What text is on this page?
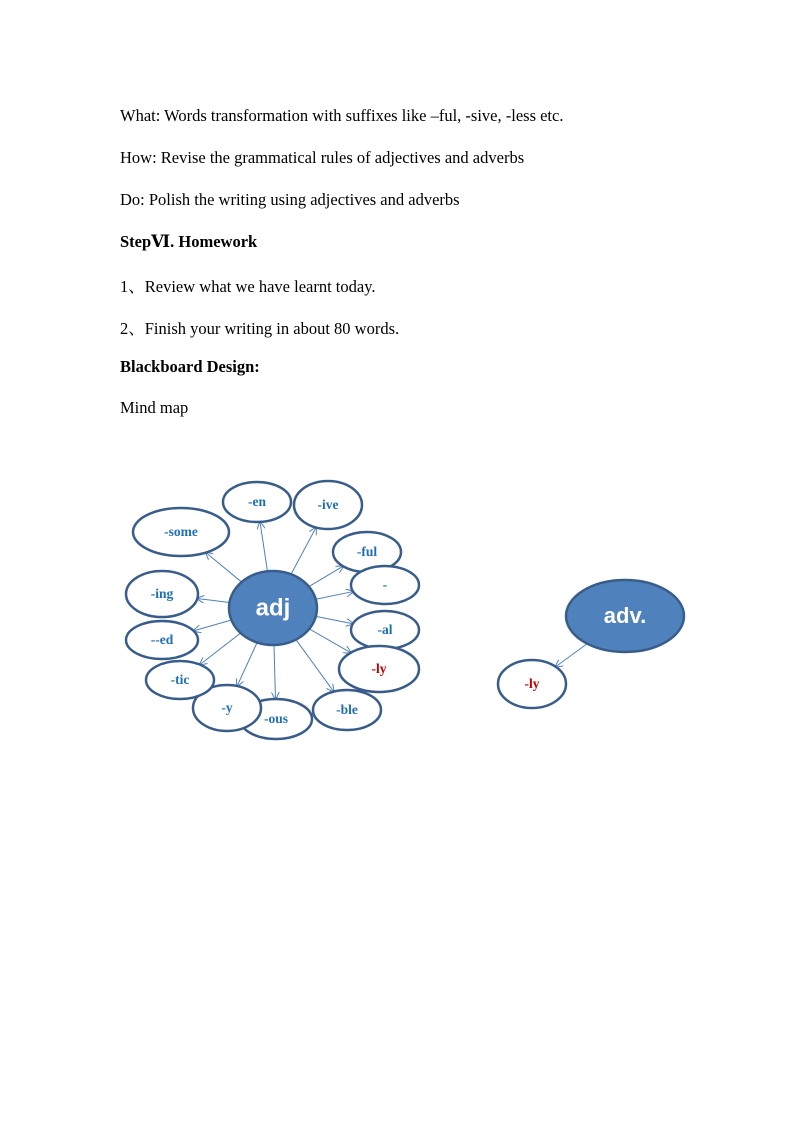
What: Words transformation with suffixes like –ful, -sive, -less etc.
How: Revise the grammatical rules of adjectives and adverbs
Do: Polish the writing using adjectives and adverbs
StepⅥ. Homework
1、Review what we have learnt today.
2、Finish your writing in about 80 words.
Blackboard Design:
Mind map
-some
-en	-ive
-ful
-
-al
-ly
-ble
-ous
-y
-tic
--ed
-ing
adj
-ly
adv.
